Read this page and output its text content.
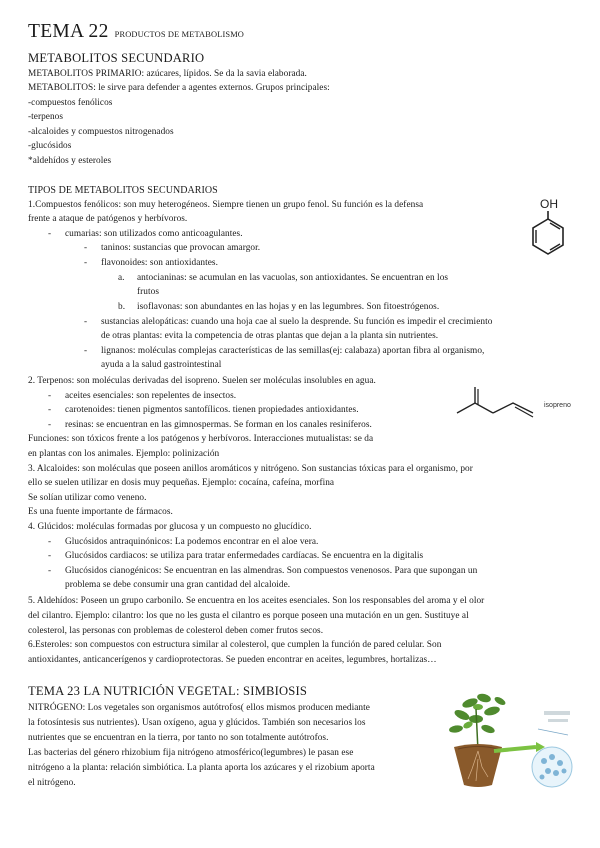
TEMA 22 PRODUCTOS DE METABOLISMO
METABOLITOS SECUNDARIO
METABOLITOS PRIMARIO: azúcares, lípidos. Se da la savia elaborada.
METABOLITOS: le sirve para defender a agentes externos. Grupos principales:
-compuestos fenólicos
-terpenos
-alcaloides y compuestos nitrogenados
-glucósidos
*aldehídos y esteroles
TIPOS DE METABOLITOS SECUNDARIOS
1.Compuestos fenólicos: son muy heterogéneos. Siempre tienen un grupo fenol. Su función es la defensa
frente a ataque de patógenos y herbívoros.
- cumarias: son utilizados como anticoagulantes.
- taninos: sustancias que provocan amargor.
- flavonoides: son antioxidantes.
a. antocianinas: se acumulan en las vacuolas, son antioxidantes. Se encuentran en los
frutos
b. isoflavonas: son abundantes en las hojas y en las legumbres. Son fitoestrógenos.
- sustancias alelopáticas: cuando una hoja cae al suelo la desprende. Su función es impedir el crecimiento
de otras plantas: evita la competencia de otras plantas que dejan a la planta sin nutrientes.
- lignanos: moléculas complejas características de las semillas(ej: calabaza) aportan fibra al organismo,
ayuda a la salud gastrointestinal
OH
2. Terpenos: son moléculas derivadas del isopreno. Suelen ser moléculas insolubles en agua.
- aceites esenciales: son repelentes de insectos.
- carotenoides: tienen pigmentos santofílicos. tienen propiedades antioxidantes.
- resinas: se encuentran en las gimnospermas. Se forman en los canales resiníferos.
Funciones: son tóxicos frente a los patógenos y herbívoros. Interacciones mutualistas: se da
en plantas con los animales. Ejemplo: polinización
isopreno
3. Alcaloides: son moléculas que poseen anillos aromáticos y nitrógeno. Son sustancias tóxicas para el organismo, por
ello se suelen utilizar en dosis muy pequeñas. Ejemplo: cocaína, cafeína, morfina
Se solían utilizar como veneno.
Es una fuente importante de fármacos.
4. Glúcidos: moléculas formadas por glucosa y un compuesto no glucídico.
- Glucósidos antraquinónicos: La podemos encontrar en el aloe vera.
- Glucósidos cardiacos: se utiliza para tratar enfermedades cardíacas. Se encuentra en la digitalis
- Glucósidos cianogénicos: Se encuentran en las almendras. Son compuestos venenosos. Para que supongan un
problema se debe consumir una gran cantidad del alcaloide.
5. Aldehídos: Poseen un grupo carbonilo. Se encuentra en los aceites esenciales. Son los responsables del aroma y el olor
del cilantro. Ejemplo: cilantro: los que no les gusta el cilantro es porque poseen una mutación en un gen. Sustituye al
colesterol, las personas con problemas de colesterol deben comer frutos secos.
6.Esteroles: son compuestos con estructura similar al colesterol, que cumplen la función de pared celular. Son
antioxidantes, anticancerígenos y cardioprotectoras. Se pueden encontrar en aceites, legumbres, hortalizas…
TEMA 23 LA NUTRICIÓN VEGETAL: SIMBIOSIS
NITRÓGENO: Los vegetales son organismos autótrofos( ellos mismos producen mediante
la fotosíntesis sus nutrientes). Usan oxígeno, agua y glúcidos. También son necesarios los
nutrientes que se encuentran en la tierra, por tanto no son totalmente autótrofos.
Las bacterias del género rhizobium fija nitrógeno atmosférico(legumbres) le pasan ese
nitrógeno a la planta: relación simbiótica. La planta aporta los azúcares y el rizobium aporta
el nitrógeno.
